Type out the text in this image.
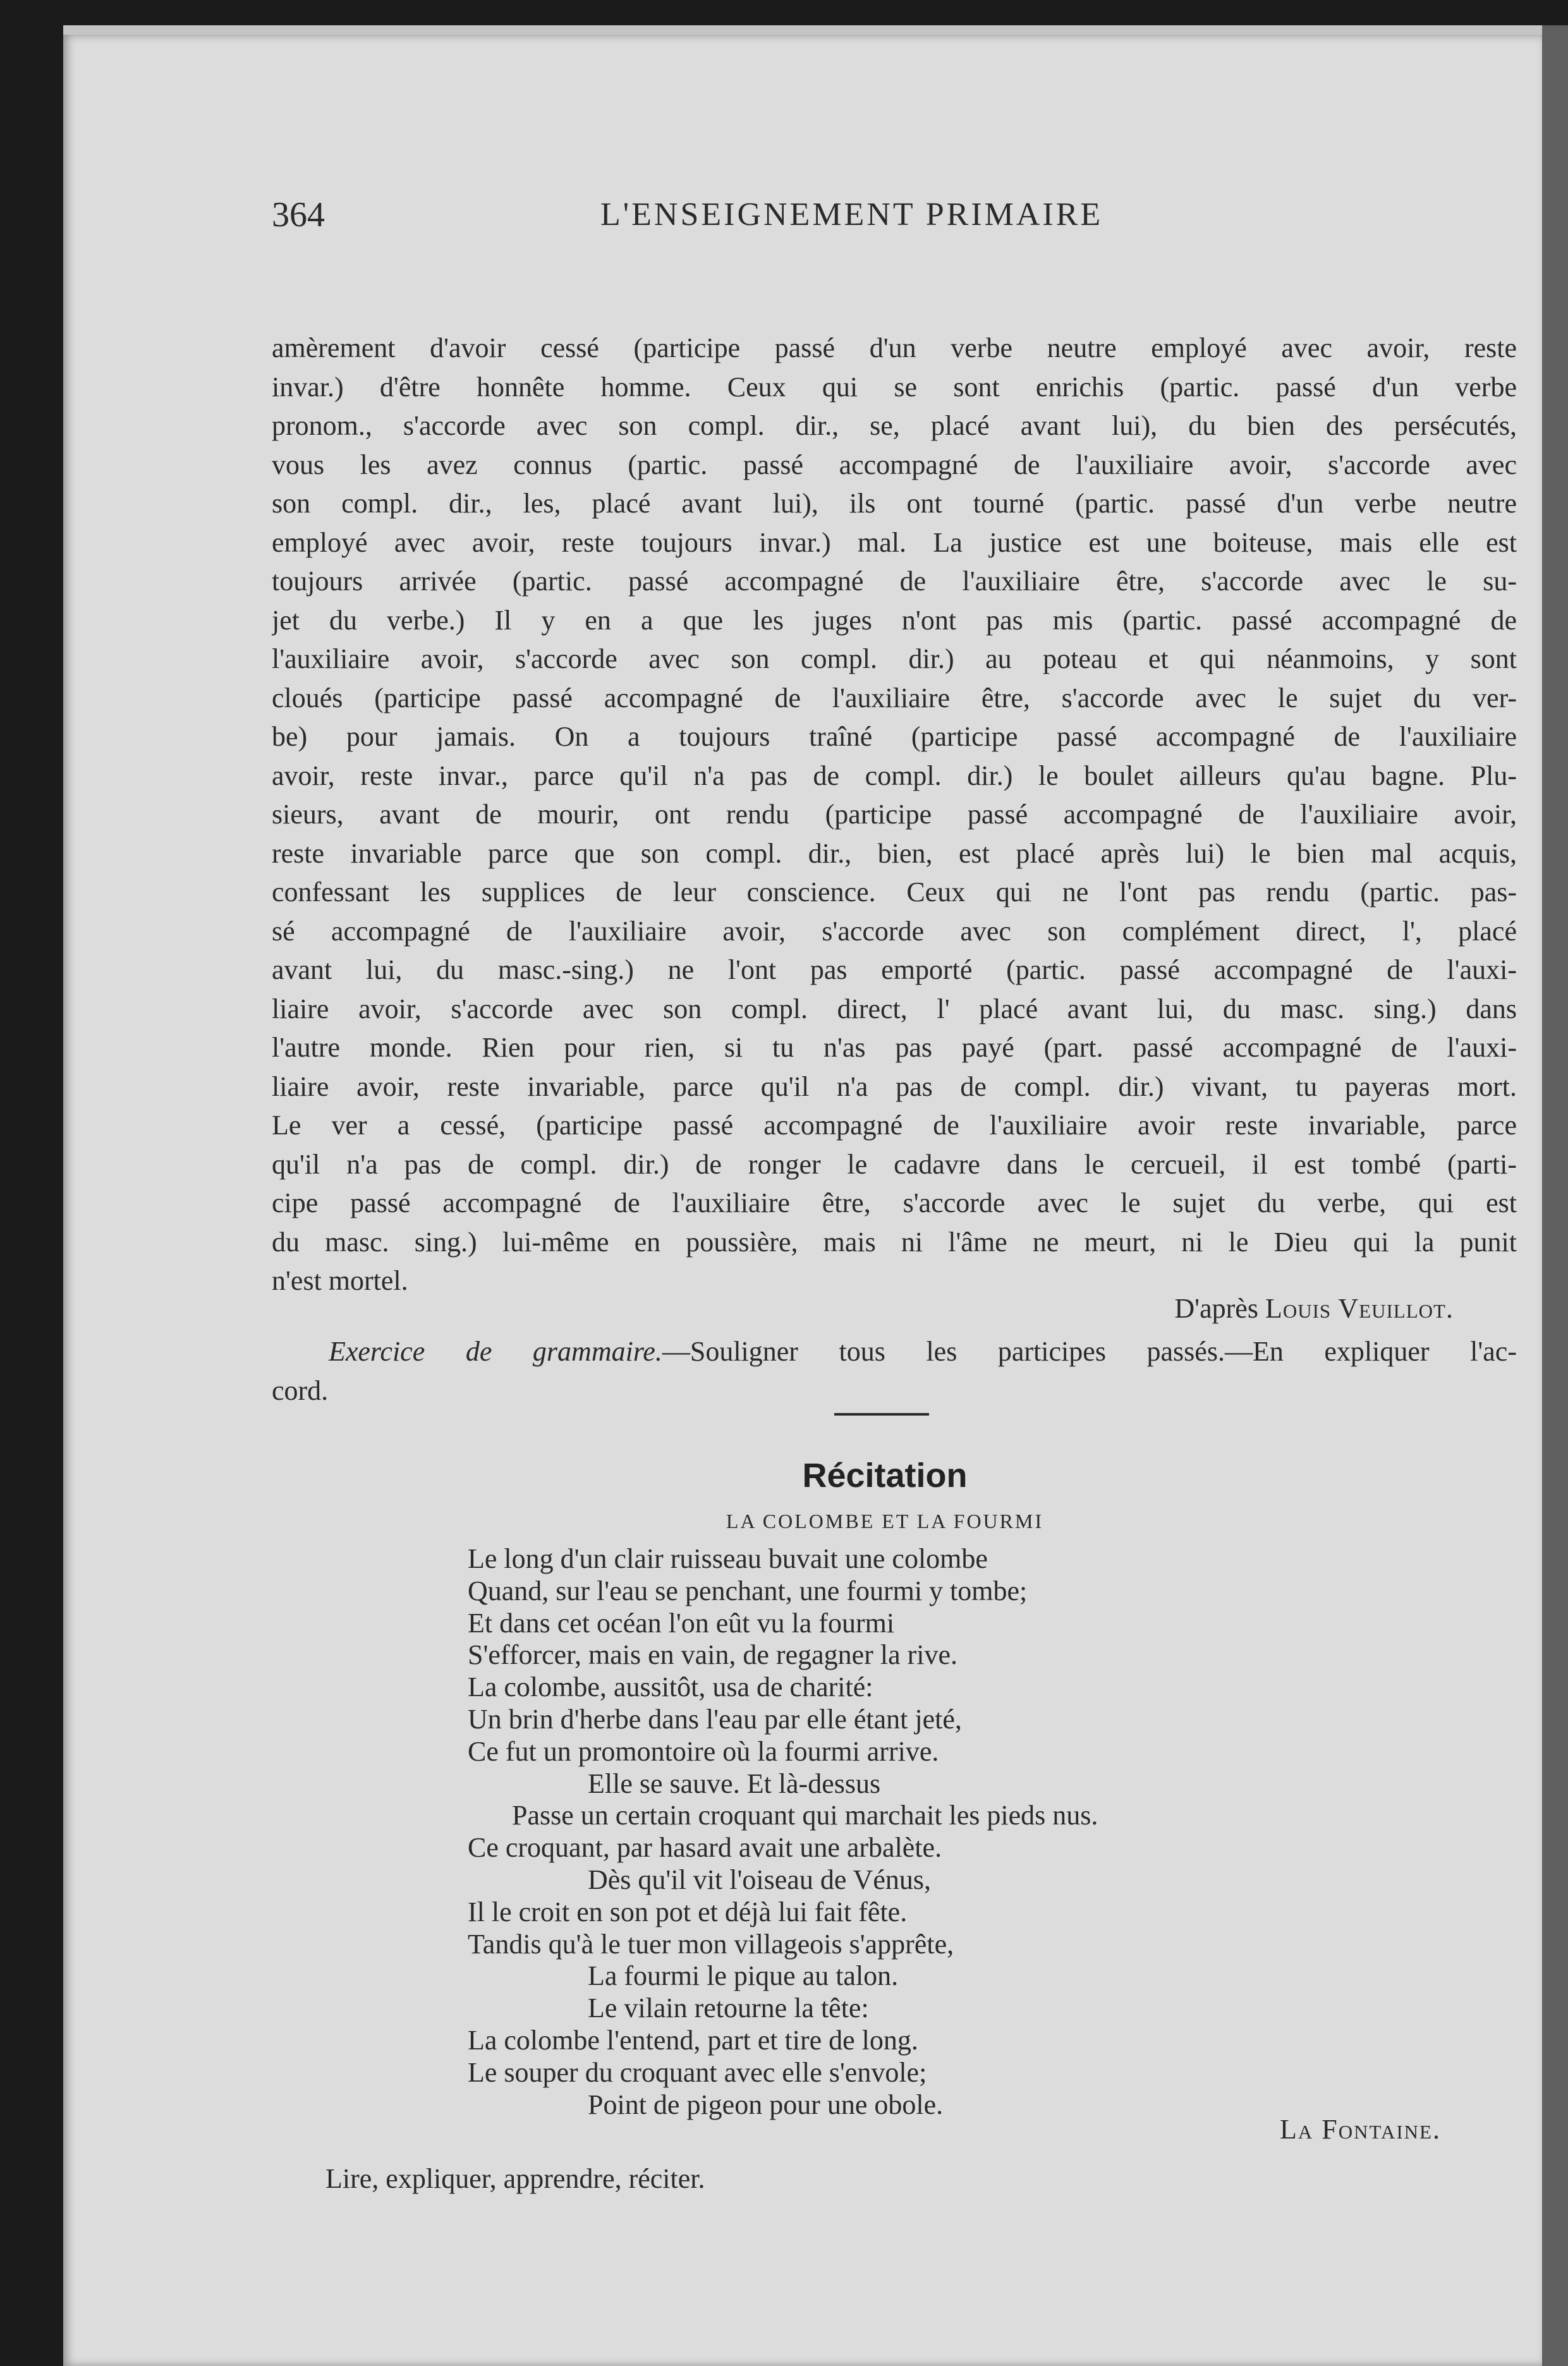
364	L'ENSEIGNEMENT PRIMAIRE
amèrement d'avoir cessé (participe passé d'un verbe neutre employé avec avoir, reste
invar.) d'être honnête homme. Ceux qui se sont enrichis (partic. passé d'un verbe
pronom., s'accorde avec son compl. dir., se, placé avant lui), du bien des persécutés,
vous les avez connus (partic. passé accompagné de l'auxiliaire avoir, s'accorde avec
son compl. dir., les, placé avant lui), ils ont tourné (partic. passé d'un verbe neutre
employé avec avoir, reste toujours invar.) mal. La justice est une boiteuse, mais elle est
toujours arrivée (partic. passé accompagné de l'auxiliaire être, s'accorde avec le su-
jet du verbe.) Il y en a que les juges n'ont pas mis (partic. passé accompagné de
l'auxiliaire avoir, s'accorde avec son compl. dir.) au poteau et qui néanmoins, y sont
cloués (participe passé accompagné de l'auxiliaire être, s'accorde avec le sujet du ver-
be) pour jamais. On a toujours traîné (participe passé accompagné de l'auxiliaire
avoir, reste invar., parce qu'il n'a pas de compl. dir.) le boulet ailleurs qu'au bagne. Plu-
sieurs, avant de mourir, ont rendu (participe passé accompagné de l'auxiliaire avoir,
reste invariable parce que son compl. dir., bien, est placé après lui) le bien mal acquis,
confessant les supplices de leur conscience. Ceux qui ne l'ont pas rendu (partic. pas-
sé accompagné de l'auxiliaire avoir, s'accorde avec son complément direct, l', placé
avant lui, du masc.-sing.) ne l'ont pas emporté (partic. passé accompagné de l'auxi-
liaire avoir, s'accorde avec son compl. direct, l' placé avant lui, du masc. sing.) dans
l'autre monde. Rien pour rien, si tu n'as pas payé (part. passé accompagné de l'auxi-
liaire avoir, reste invariable, parce qu'il n'a pas de compl. dir.) vivant, tu payeras mort.
Le ver a cessé, (participe passé accompagné de l'auxiliaire avoir reste invariable, parce
qu'il n'a pas de compl. dir.) de ronger le cadavre dans le cercueil, il est tombé (parti-
cipe passé accompagné de l'auxiliaire être, s'accorde avec le sujet du verbe, qui est
du masc. sing.) lui-même en poussière, mais ni l'âme ne meurt, ni le Dieu qui la punit
n'est mortel.
D'après Louis Veuillot.
Exercice de grammaire.—Souligner tous les participes passés.—En expliquer l'ac-
cord.
Récitation
LA COLOMBE ET LA FOURMI
Le long d'un clair ruisseau buvait une colombe
Quand, sur l'eau se penchant, une fourmi y tombe;
Et dans cet océan l'on eût vu la fourmi
S'efforcer, mais en vain, de regagner la rive.
La colombe, aussitôt, usa de charité:
Un brin d'herbe dans l'eau par elle étant jeté,
Ce fut un promontoire où la fourmi arrive.
Elle se sauve. Et là-dessus
Passe un certain croquant qui marchait les pieds nus.
Ce croquant, par hasard avait une arbalète.
Dès qu'il vit l'oiseau de Vénus,
Il le croit en son pot et déjà lui fait fête.
Tandis qu'à le tuer mon villageois s'apprête,
La fourmi le pique au talon.
Le vilain retourne la tête:
La colombe l'entend, part et tire de long.
Le souper du croquant avec elle s'envole;
Point de pigeon pour une obole.
La Fontaine.
Lire, expliquer, apprendre, réciter.
